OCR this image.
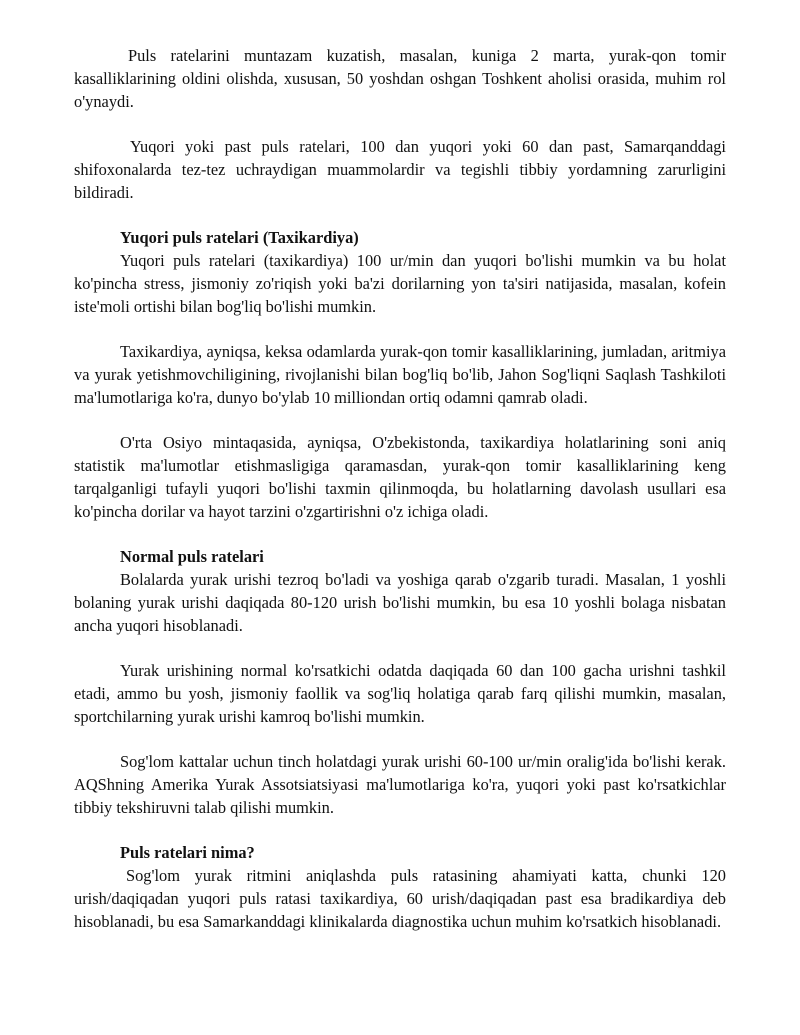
Puls ratelarini muntazam kuzatish, masalan, kuniga 2 marta, yurak-qon tomir kasalliklarining oldini olishda, xususan, 50 yoshdan oshgan Toshkent aholisi orasida, muhim rol o'ynaydi.

Yuqori yoki past puls ratelari, 100 dan yuqori yoki 60 dan past, Samarqanddagi shifoxonalarda tez-tez uchraydigan muammolardir va tegishli tibbiy yordamning zarurligini bildiradi.

Yuqori puls ratelari (Taxikardiya)

Yuqori puls ratelari (taxikardiya) 100 ur/min dan yuqori bo'lishi mumkin va bu holat ko'pincha stress, jismoniy zo'riqish yoki ba'zi dorilarning yon ta'siri natijasida, masalan, kofein iste'moli ortishi bilan bog'liq bo'lishi mumkin.

Taxikardiya, ayniqsa, keksa odamlarda yurak-qon tomir kasalliklarining, jumladan, aritmiya va yurak yetishmovchiligining, rivojlanishi bilan bog'liq bo'lib, Jahon Sog'liqni Saqlash Tashkiloti ma'lumotlariga ko'ra, dunyo bo'ylab 10 milliondan ortiq odamni qamrab oladi.

O'rta Osiyo mintaqasida, ayniqsa, O'zbekistonda, taxikardiya holatlarining soni aniq statistik ma'lumotlar etishmasligiga qaramasdan, yurak-qon tomir kasalliklarining keng tarqalganligi tufayli yuqori bo'lishi taxmin qilinmoqda, bu holatlarning davolash usullari esa ko'pincha dorilar va hayot tarzini o'zgartirishni o'z ichiga oladi.

Normal puls ratelari

Bolalarda yurak urishi tezroq bo'ladi va yoshiga qarab o'zgarib turadi. Masalan, 1 yoshli bolaning yurak urishi daqiqada 80-120 urish bo'lishi mumkin, bu esa 10 yoshli bolaga nisbatan ancha yuqori hisoblanadi.

Yurak urishining normal ko'rsatkichi odatda daqiqada 60 dan 100 gacha urishni tashkil etadi, ammo bu yosh, jismoniy faollik va sog'liq holatiga qarab farq qilishi mumkin, masalan, sportchilarning yurak urishi kamroq bo'lishi mumkin.

Sog'lom kattalar uchun tinch holatdagi yurak urishi 60-100 ur/min oralig'ida bo'lishi kerak. AQShning Amerika Yurak Assotsiatsiyasi ma'lumotlariga ko'ra, yuqori yoki past ko'rsatkichlar tibbiy tekshiruvni talab qilishi mumkin.

Puls ratelari nima?

Sog'lom yurak ritmini aniqlashda puls ratasining ahamiyati katta, chunki 120 urish/daqiqadan yuqori puls ratasi taxikardiya, 60 urish/daqiqadan past esa bradikardiya deb hisoblanadi, bu esa Samarkanddagi klinikalarda diagnostika uchun muhim ko'rsatkich hisoblanadi.
